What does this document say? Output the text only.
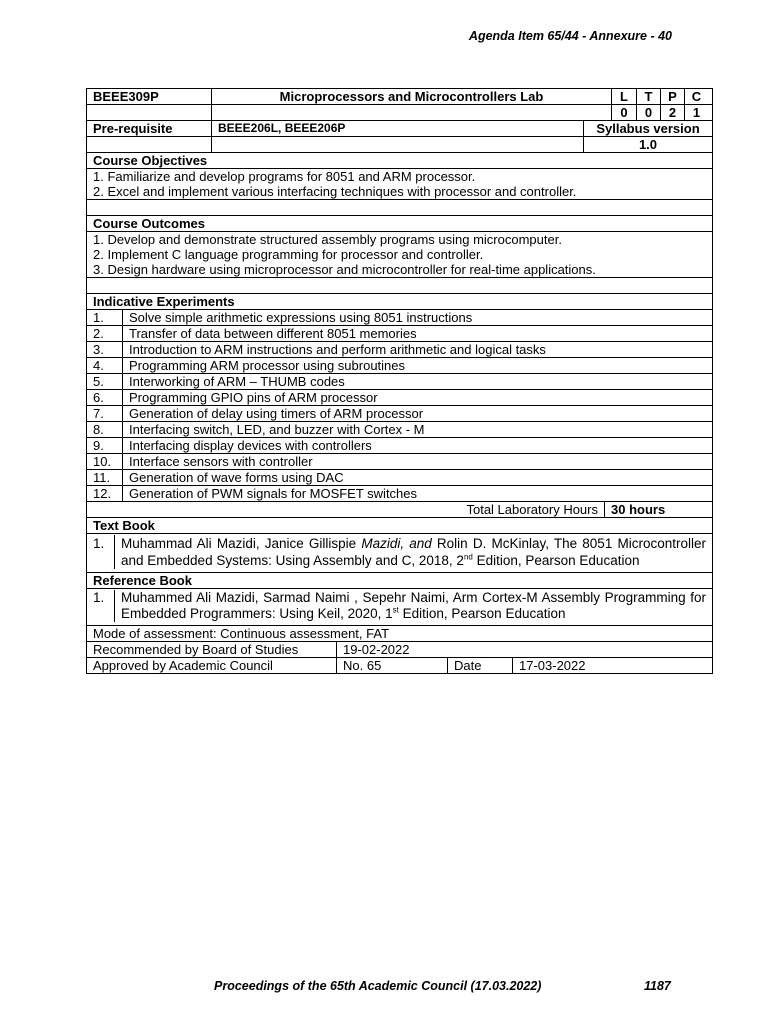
Agenda Item 65/44 - Annexure - 40
BEEE309P	Microprocessors and Microcontrollers Lab	L	T	P	C
0	0	2	1
Pre-requisite	BEEE206L, BEEE206P	Syllabus version
1.0
Course Objectives
1. Familiarize and develop programs for 8051 and ARM processor.
2. Excel and implement various interfacing techniques with processor and controller.
Course Outcomes
1. Develop and demonstrate structured assembly programs using microcomputer.
2. Implement C language programming for processor and controller.
3. Design hardware using microprocessor and microcontroller for real-time applications.
Indicative Experiments
1.	Solve simple arithmetic expressions using 8051 instructions
2.	Transfer of data between different 8051 memories
3.	Introduction to ARM instructions and perform arithmetic and logical tasks
4.	Programming ARM processor using subroutines
5.	Interworking of ARM – THUMB codes
6.	Programming GPIO pins of ARM processor
7.	Generation of delay using timers of ARM processor
8.	Interfacing switch, LED, and buzzer with Cortex - M
9.	Interfacing display devices with controllers
10.	Interface sensors with controller
11.	Generation of wave forms using DAC
12.	Generation of PWM signals for MOSFET switches
Total Laboratory Hours	30 hours
Text Book
1.	Muhammad Ali Mazidi, Janice Gillispie Mazidi, and Rolin D. McKinlay, The 8051 Microcontroller and Embedded Systems: Using Assembly and C, 2018, 2nd Edition, Pearson Education
Reference Book
1.	Muhammed Ali Mazidi, Sarmad Naimi , Sepehr Naimi, Arm Cortex-M Assembly Programming for Embedded Programmers: Using Keil, 2020, 1st Edition, Pearson Education
Mode of assessment: Continuous assessment, FAT
Recommended by Board of Studies	19-02-2022
Approved by Academic Council	No. 65	Date	17-03-2022
Proceedings of the 65th Academic Council (17.03.2022)	1187
